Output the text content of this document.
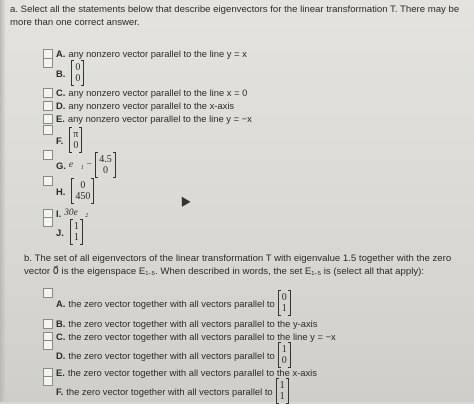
a. Select all the statements below that describe eigenvectors for the linear transformation T. There may be more than one correct answer.
A. any nonzero vector parallel to the line y = x
B. 0
0
C. any nonzero vector parallel to the line x = 0
D. any nonzero vector parallel to the x-axis
E. any nonzero vector parallel to the line y = −x
F. π
0
G. e⃗₁ − 4.5
0
H. 0
450
I. 30e⃗₂
J. 1
1
b. The set of all eigenvectors of the linear transformation T with eigenvalue 1.5 together with the zero vector 0⃗ is the eigenspace E₁.₅. When described in words, the set E₁.₅ is (select all that apply):
A. the zero vector together with all vectors parallel to 0
1
B. the zero vector together with all vectors parallel to the y-axis
C. the zero vector together with all vectors parallel to the line y = −x
D. the zero vector together with all vectors parallel to 1
0
E. the zero vector together with all vectors parallel to the x-axis
F. the zero vector together with all vectors parallel to 1
1
